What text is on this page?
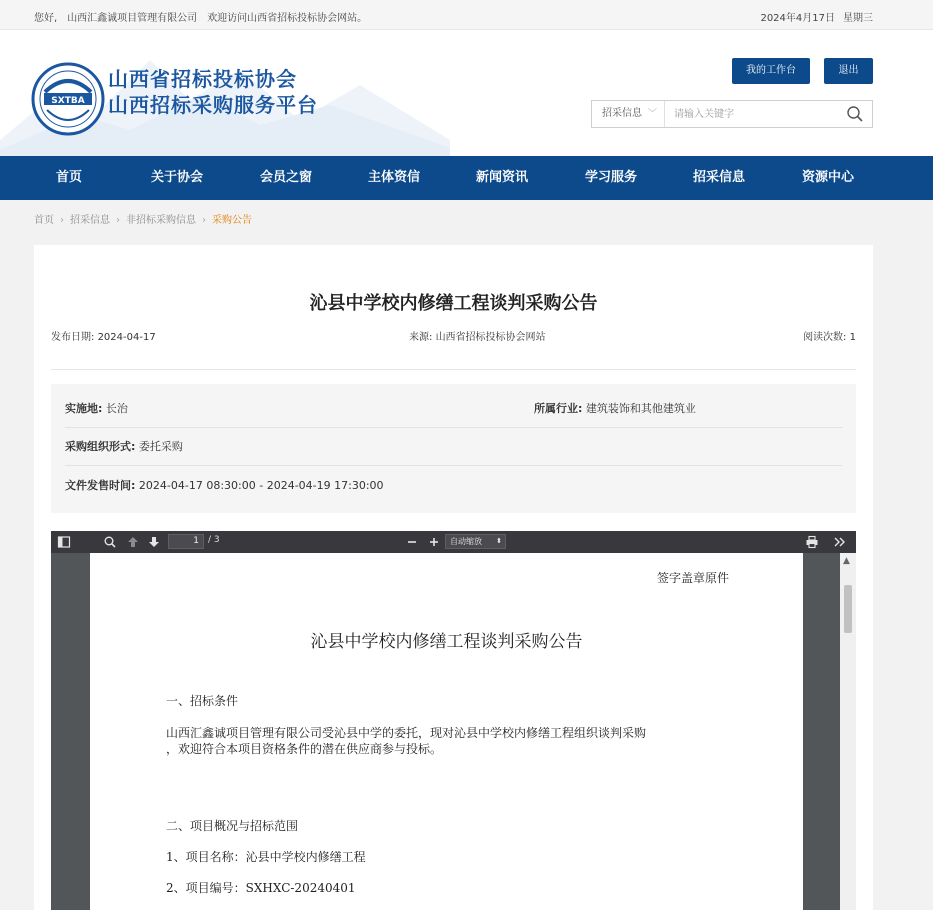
您好, 山西汇鑫诚项目管理有限公司 欢迎访问山西省招标投标协会网站。	2024年4月17日 星期三
SXTBA
山西省招标投标协会
山西招标采购服务平台
我的工作台	退出
招采信息 ﹀
请输入关键字
首页	关于协会	会员之窗	主体资信	新闻资讯	学习服务	招采信息	资源中心
首页 › 招采信息 › 非招标采购信息 › 采购公告
沁县中学校内修缮工程谈判采购公告
发布日期: 2024-04-17	来源: 山西省招标投标协会网站	阅读次数: 1
实施地: 长治	所属行业: 建筑装饰和其他建筑业
采购组织形式: 委托采购
文件发售时间: 2024-04-17 08:30:00 - 2024-04-19 17:30:00
1	/ 3	自动缩放 ⬍
签字盖章原件
沁县中学校内修缮工程谈判采购公告
一、招标条件
山西汇鑫诚项目管理有限公司受沁县中学的委托，现对沁县中学校内修缮工程组织谈判采购
，欢迎符合本项目资格条件的潜在供应商参与投标。
二、项目概况与招标范围
1、项目名称：沁县中学校内修缮工程
2、项目编号：SXHXC-20240401
▲
